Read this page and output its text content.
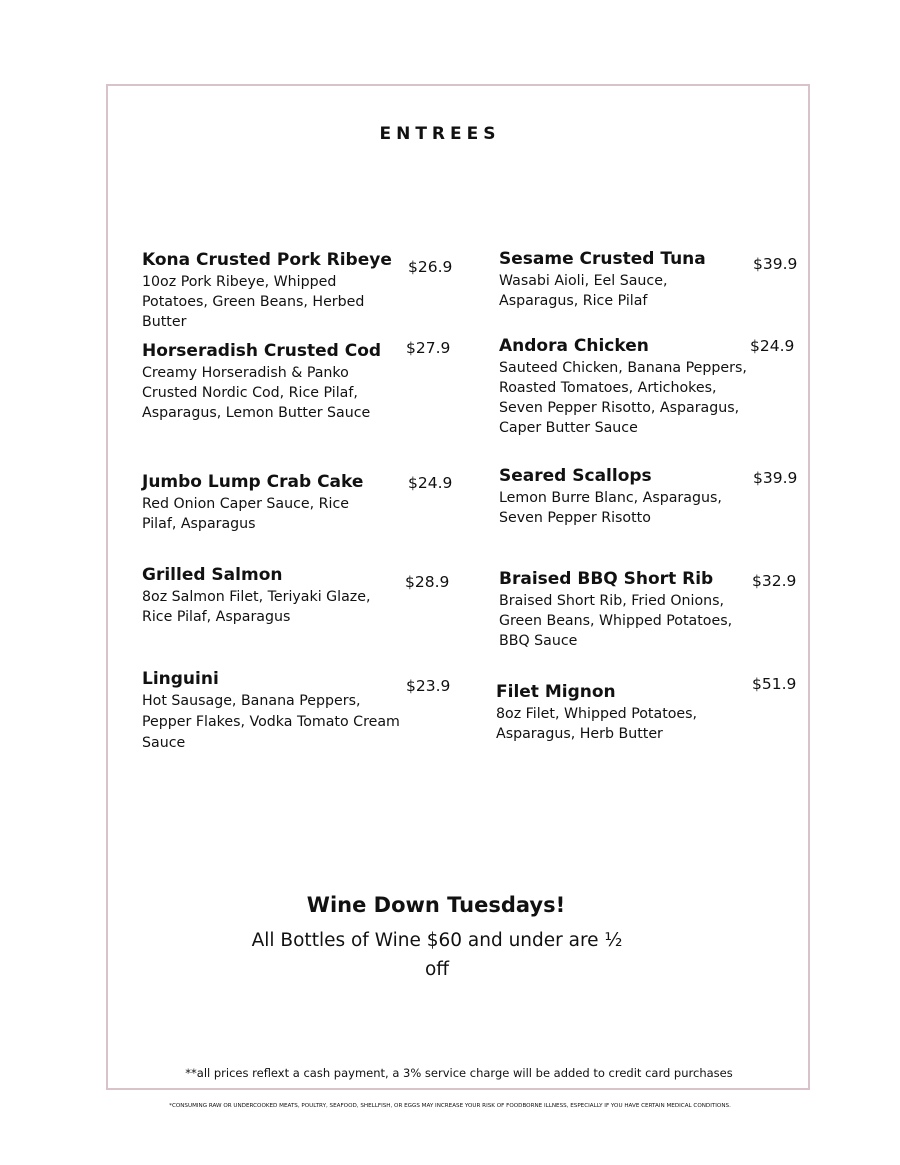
ENTREES
Kona Crusted Pork Ribeye
10oz Pork Ribeye, Whipped Potatoes, Green Beans, Herbed Butter
$26.9
Horseradish Crusted Cod
Creamy Horseradish & Panko Crusted Nordic Cod, Rice Pilaf, Asparagus, Lemon Butter Sauce
$27.9
Jumbo Lump Crab Cake
Red Onion Caper Sauce, Rice Pilaf, Asparagus
$24.9
Grilled Salmon
8oz Salmon Filet, Teriyaki Glaze, Rice Pilaf, Asparagus
$28.9
Linguini
Hot Sausage, Banana Peppers, Pepper Flakes, Vodka Tomato Cream Sauce
$23.9
Sesame Crusted Tuna
Wasabi Aioli, Eel Sauce, Asparagus, Rice Pilaf
$39.9
Andora Chicken
Sauteed Chicken, Banana Peppers, Roasted Tomatoes, Artichokes, Seven Pepper Risotto, Asparagus, Caper Butter Sauce
$24.9
Seared Scallops
Lemon Burre Blanc, Asparagus, Seven Pepper Risotto
$39.9
Braised BBQ Short Rib
Braised Short Rib, Fried Onions, Green Beans, Whipped Potatoes, BBQ Sauce
$32.9
Filet Mignon
8oz Filet, Whipped Potatoes, Asparagus, Herb Butter
$51.9
Wine Down Tuesdays!
All Bottles of Wine $60 and under are ½ off
**all prices reflext a cash payment, a 3% service charge will be added to credit card purchases
*CONSUMING RAW OR UNDERCOOKED MEATS, POULTRY, SEAFOOD, SHELLFISH, OR EGGS MAY INCREASE YOUR RISK OF FOODBORNE ILLNESS, ESPECIALLY IF YOU HAVE CERTAIN MEDICAL CONDITIONS.
